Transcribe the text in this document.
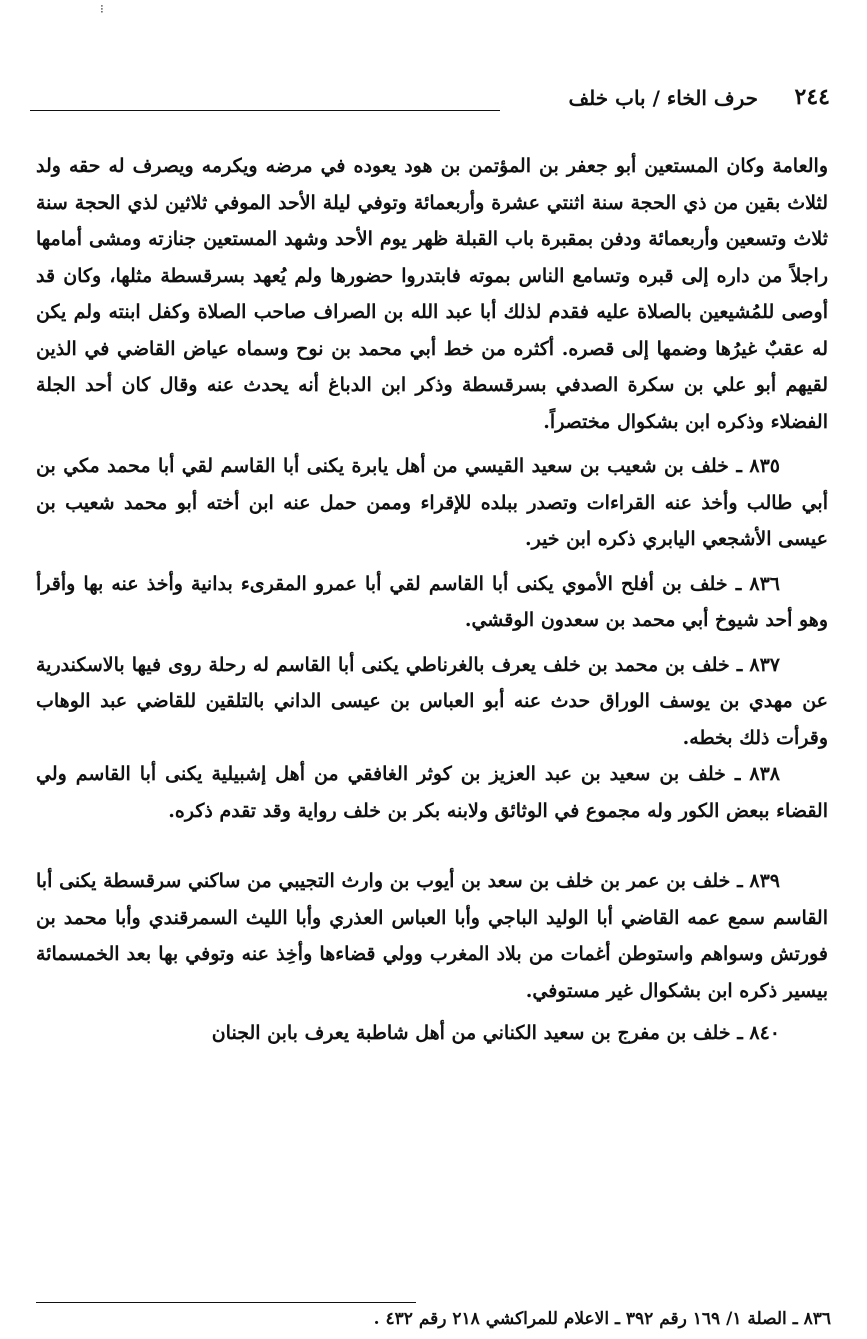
⁝
٢٤٤
حرف الخاء / باب خلف

والعامة وكان المستعين أبو جعفر بن المؤتمن بن هود يعوده في مرضه ويكرمه ويصرف له حقه ولد لثلاث بقين من ذي الحجة سنة اثنتي عشرة وأربعمائة وتوفي ليلة الأحد الموفي ثلاثين لذي الحجة سنة ثلاث وتسعين وأربعمائة ودفن بمقبرة باب القبلة ظهر يوم الأحد وشهد المستعين جنازته ومشى أمامها راجلاً من داره إلى قبره وتسامع الناس بموته فابتدروا حضورها ولم يُعهد بسرقسطة مثلها، وكان قد أوصى للمُشيعين بالصلاة عليه فقدم لذلك أبا عبد الله بن الصراف صاحب الصلاة وكفل ابنته ولم يكن له عقبٌ غيرُها وضمها إلى قصره. أكثره من خط أبي محمد بن نوح وسماه عياض القاضي في الذين لقيهم أبو علي بن سكرة الصدفي بسرقسطة وذكر ابن الدباغ أنه يحدث عنه وقال كان أحد الجلة الفضلاء وذكره ابن بشكوال مختصراً.

٨٣٥ ـ خلف بن شعيب بن سعيد القيسي من أهل يابرة يكنى أبا القاسم لقي أبا محمد مكي بن أبي طالب وأخذ عنه القراءات وتصدر ببلده للإقراء وممن حمل عنه ابن أخته أبو محمد شعيب بن عيسى الأشجعي اليابري ذكره ابن خير.

٨٣٦ ـ خلف بن أفلح الأموي يكنى أبا القاسم لقي أبا عمرو المقرىء بدانية وأخذ عنه بها وأقرأ وهو أحد شيوخ أبي محمد بن سعدون الوقشي.

٨٣٧ ـ خلف بن محمد بن خلف يعرف بالغرناطي يكنى أبا القاسم له رحلة روى فيها بالاسكندرية عن مهدي بن يوسف الوراق حدث عنه أبو العباس بن عيسى الداني بالتلقين للقاضي عبد الوهاب وقرأت ذلك بخطه.

٨٣٨ ـ خلف بن سعيد بن عبد العزيز بن كوثر الغافقي من أهل إشبيلية يكنى أبا القاسم ولي القضاء ببعض الكور وله مجموع في الوثائق ولابنه بكر بن خلف رواية وقد تقدم ذكره.

٨٣٩ ـ خلف بن عمر بن خلف بن سعد بن أيوب بن وارث التجيبي من ساكني سرقسطة يكنى أبا القاسم سمع عمه القاضي أبا الوليد الباجي وأبا العباس العذري وأبا الليث السمرقندي وأبا محمد بن فورتش وسواهم واستوطن أغمات من بلاد المغرب وولي قضاءها وأخِذ عنه وتوفي بها بعد الخمسمائة بيسير ذكره ابن بشكوال غير مستوفي.

٨٤٠ ـ خلف بن مفرج بن سعيد الكناني من أهل شاطبة يعرف بابن الجنان

٨٣٦ ـ الصلة ١/ ١٦٩ رقم ٣٩٢ ـ الاعلام للمراكشي ٢١٨ رقم ٤٣٢ .
